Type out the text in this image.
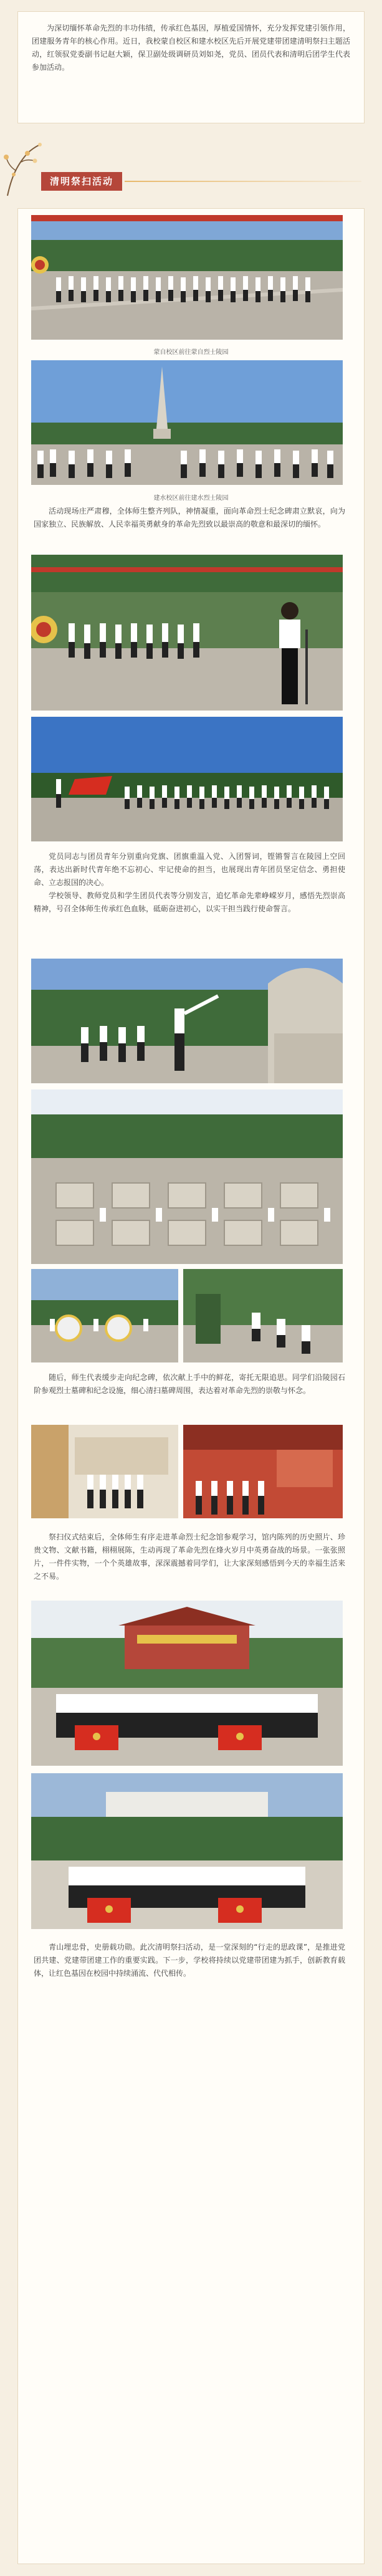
为深切缅怀革命先烈的丰功伟绩，传承红色基因，厚植爱国情怀，充分发挥党建引领作用，团建服务青年的核心作用。近日，我校蒙自校区和建水校区先后开展党建带团建清明祭扫主题活动，红领驭党委副书记赵大颖，保卫副处级调研员刘如尧，党员、团员代表和清明后团学生代表参加活动。

清明祭扫活动
蒙自校区前往蒙自烈士陵园
建水校区前往建水烈士陵园

活动现场庄严肃穆，全体师生整齐列队，神情凝重，面向革命烈士纪念碑肃立默哀，向为国家独立、民族解放、人民幸福英勇献身的革命先烈致以最崇高的敬意和最深切的缅怀。

党员同志与团员青年分别重向党旗、团旗重温入党、入团誓词，铿锵誓言在陵园上空回荡，表达出新时代青年绝不忘初心、牢记使命的担当，也展现出青年团员坚定信念、勇担使命、立志报国的决心。

学校领导、教师党员和学生团员代表等分别发言，追忆革命先辈峥嵘岁月，感悟先烈崇高精神，号召全体师生传承红色血脉，砥砺奋进初心，以实干担当践行使命誓言。

随后，师生代表缓步走向纪念碑，依次献上手中的鲜花，寄托无限追思。同学们沿陵园石阶参观烈士墓碑和纪念设施，细心清扫墓碑周围，表达着对革命先烈的崇敬与怀念。

祭扫仪式结束后，全体师生有序走进革命烈士纪念馆参观学习，馆内陈列的历史照片、珍贵文物、文献书籍，栩栩展陈，生动再现了革命先烈在烽火岁月中英勇奋战的场景。一张张照片，一件件实物，一个个英雄故事，深深震撼着同学们，让大家深刻感悟到今天的幸福生活来之不易。

青山埋忠骨，史册载功勋。此次清明祭扫活动，是一堂深刻的“行走的思政课”，是推进党团共建、党建带团建工作的重要实践。下一步，学校将持续以党建带团建为抓手，创新教育载体，让红色基因在校园中持续涌流、代代相传。
